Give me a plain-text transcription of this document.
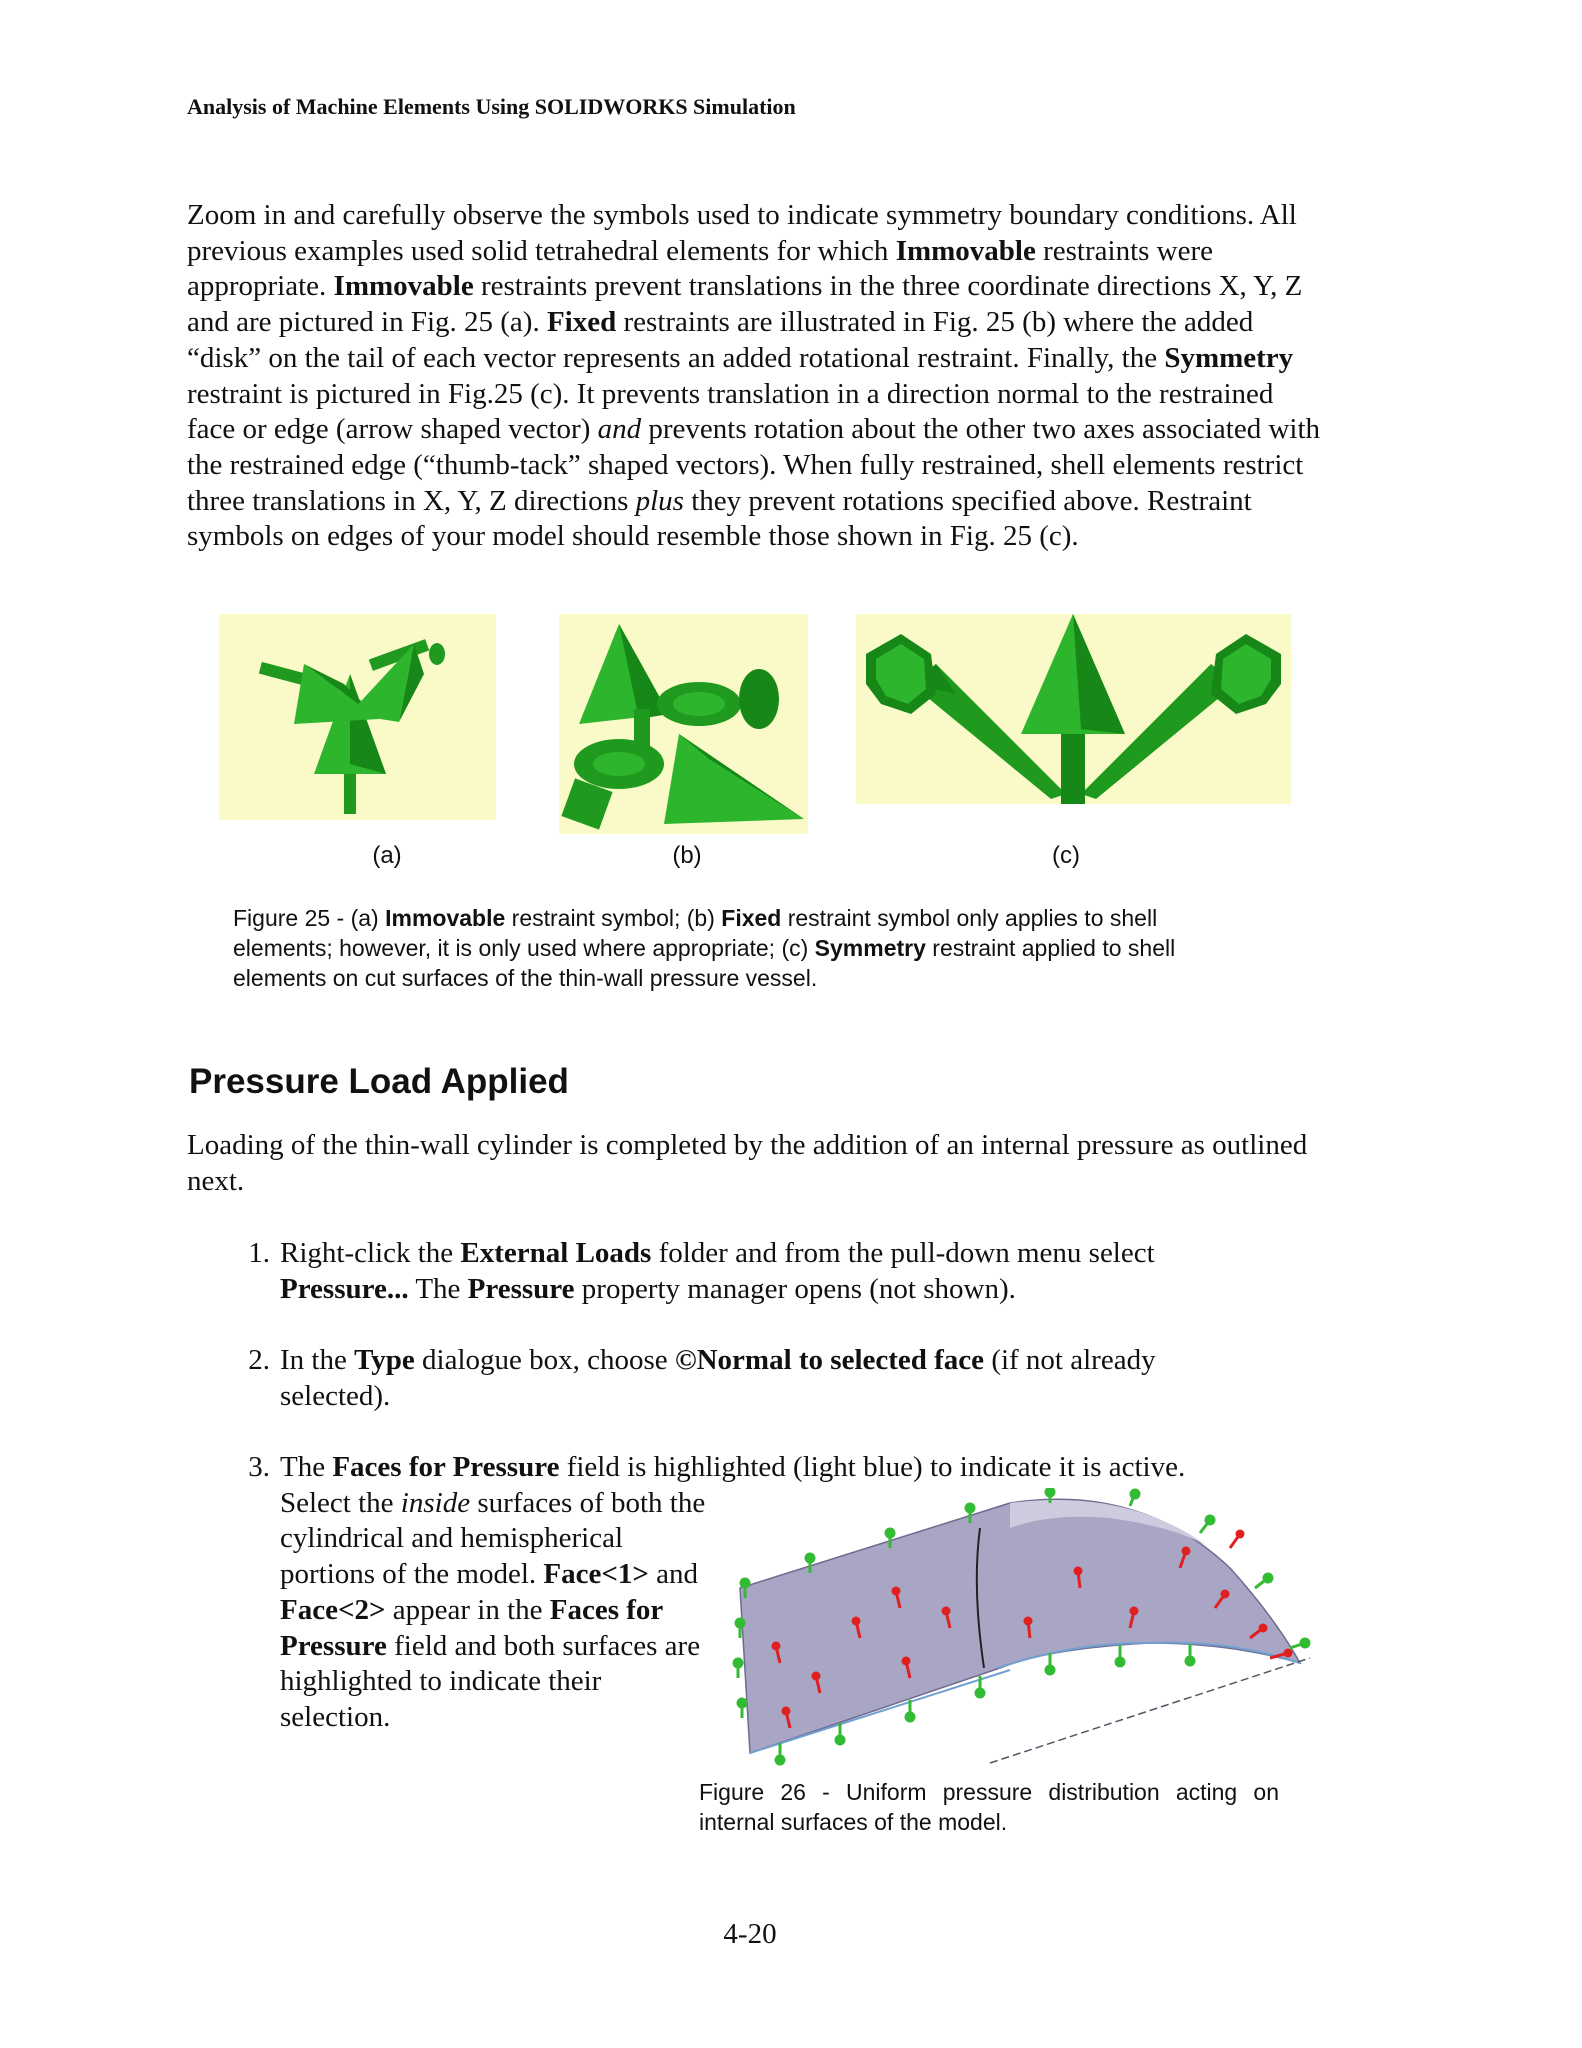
Analysis of Machine Elements Using SOLIDWORKS Simulation
Zoom in and carefully observe the symbols used to indicate symmetry boundary conditions. All previous examples used solid tetrahedral elements for which Immovable restraints were appropriate. Immovable restraints prevent translations in the three coordinate directions X, Y, Z and are pictured in Fig. 25 (a). Fixed restraints are illustrated in Fig. 25 (b) where the added “disk” on the tail of each vector represents an added rotational restraint. Finally, the Symmetry restraint is pictured in Fig.25 (c). It prevents translation in a direction normal to the restrained face or edge (arrow shaped vector) and prevents rotation about the other two axes associated with the restrained edge (“thumb-tack” shaped vectors). When fully restrained, shell elements restrict three translations in X, Y, Z directions plus they prevent rotations specified above. Restraint symbols on edges of your model should resemble those shown in Fig. 25 (c).
(a)	(b)	(c)
Figure 25 - (a) Immovable restraint symbol; (b) Fixed restraint symbol only applies to shell elements; however, it is only used where appropriate; (c) Symmetry restraint applied to shell elements on cut surfaces of the thin-wall pressure vessel.
Pressure Load Applied
Loading of the thin-wall cylinder is completed by the addition of an internal pressure as outlined next.
1. Right-click the External Loads folder and from the pull-down menu select Pressure... The Pressure property manager opens (not shown).
2. In the Type dialogue box, choose ©Normal to selected face (if not already selected).
3. The Faces for Pressure field is highlighted (light blue) to indicate it is active.
Select the inside surfaces of both the cylindrical and hemispherical portions of the model. Face<1> and Face<2> appear in the Faces for Pressure field and both surfaces are highlighted to indicate their selection.
Figure 26 - Uniform pressure distribution acting on internal surfaces of the model.
4-20
